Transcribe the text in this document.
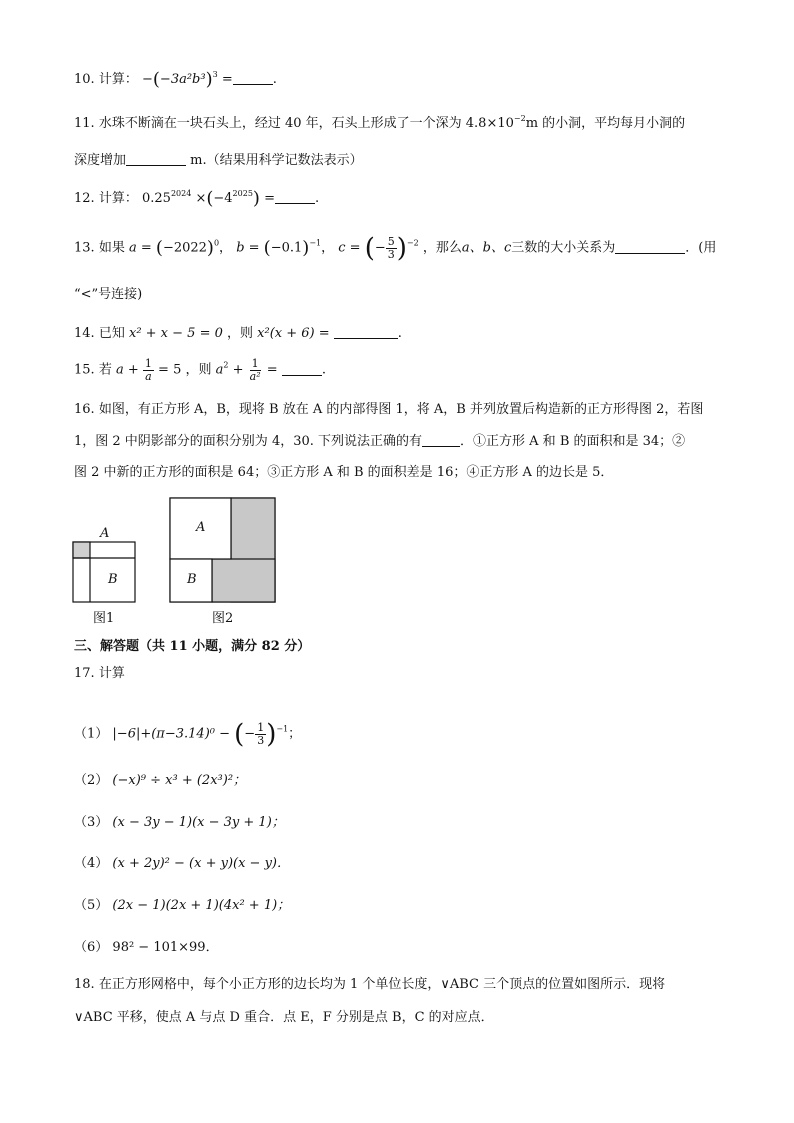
10. 计算： $-(-3a^2b^3)^3$ =	.
11. 水珠不断滴在一块石头上，经过 40 年，石头上形成了一个深为 $4.8\times 10^{-2}m$ 的小洞，平均每月小洞的
深度增加	m.（结果用科学记数法表示）
12. 计算： $0.25^{2024} \times(-4^{2025})$ =	.
13. 如果 $a = (-2022)^0$， $b = (-0.1)^{-1}$， c = (− $\frac{5}{3} )^{-2}$ ，那么a、b、c三数的大小关系为	．(用
“<”号连接)
14. 已知 x² + x − 5 = 0 ，则 x²(x + 6) =	.
15. 若 $a + \frac{1}{a} = 5$ ，则 $a^2 + \frac{1}{\text{a²}}$ =	.
16. 如图，有正方形 A，B，现将 B 放在 A 的内部得图 1，将 A，B 并列放置后构造新的正方形得图 2，若图
1，图 2 中阴影部分的面积分别为 4，30. 下列说法正确的有	．①正方形 A 和 B 的面积和是 34；②
图 2 中新的正方形的面积是 64；③正方形 A 和 B 的面积差是 16；④正方形 A 的边长是 5．
A
B
图1
A
B
图2
三、解答题（共 11 小题，满分 82 分）
17. 计算
（1） |−6|+(π−3.14)⁰ − (− $\frac{1}{3} )^{-1}$；
（2） (−x)⁹ ÷ x³ + (2x³)²；
（3） (x − 3y − 1)(x − 3y + 1)；
（4） (x + 2y)² − (x + y)(x − y)．
（5） (2x − 1)(2x + 1)(4x² + 1)；
（6） 98² − 101×99．
18. 在正方形网格中，每个小正方形的边长均为 1 个单位长度，∨ABC 三个顶点的位置如图所示．现将
∨ABC 平移，使点 A 与点 D 重合．点 E，F 分别是点 B，C 的对应点．
